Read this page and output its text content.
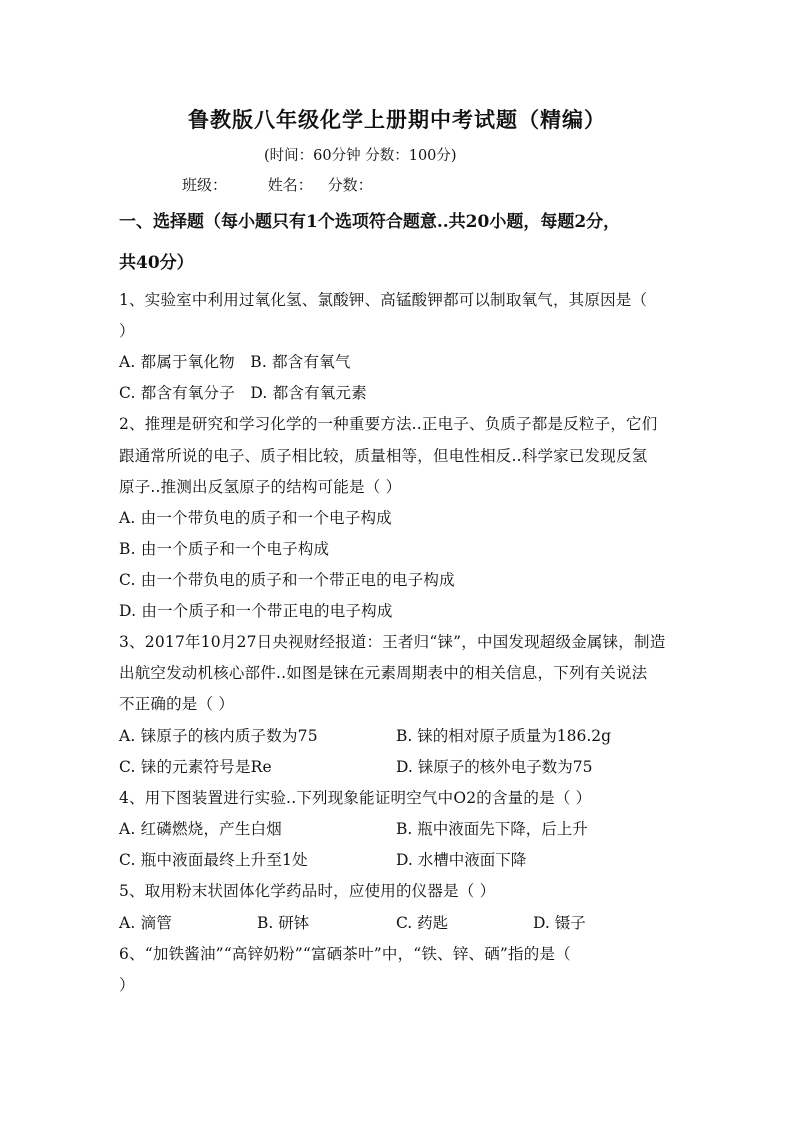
鲁教版八年级化学上册期中考试题（精编）
(时间：60分钟 分数：100分)
班级：	姓名： 分数：
一、选择题（每小题只有1个选项符合题意..共20小题，每题2分，
共40分）
1、实验室中利用过氧化氢、氯酸钾、高锰酸钾都可以制取氧气，其原因是（
）
A. 都属于氧化物 B. 都含有氧气
C. 都含有氧分子 D. 都含有氧元素
2、推理是研究和学习化学的一种重要方法..正电子、负质子都是反粒子，它们
跟通常所说的电子、质子相比较，质量相等，但电性相反..科学家已发现反氢
原子..推测出反氢原子的结构可能是（ ）
A. 由一个带负电的质子和一个电子构成
B. 由一个质子和一个电子构成
C. 由一个带负电的质子和一个带正电的电子构成
D. 由一个质子和一个带正电的电子构成
3、2017年10月27日央视财经报道：王者归“铼”，中国发现超级金属铼，制造
出航空发动机核心部件..如图是铼在元素周期表中的相关信息，下列有关说法
不正确的是（ ）
A. 铼原子的核内质子数为75	B. 铼的相对原子质量为186.2g
C. 铼的元素符号是Re	D. 铼原子的核外电子数为75
4、用下图装置进行实验..下列现象能证明空气中O2的含量的是（ ）
A. 红磷燃烧，产生白烟	B. 瓶中液面先下降，后上升
C. 瓶中液面最终上升至1处	D. 水槽中液面下降
5、取用粉末状固体化学药品时，应使用的仪器是（ ）
A. 滴管	B. 研钵	C. 药匙	D. 镊子
6、“加铁酱油”“高锌奶粉”“富硒茶叶”中，“铁、锌、硒”指的是（
）
